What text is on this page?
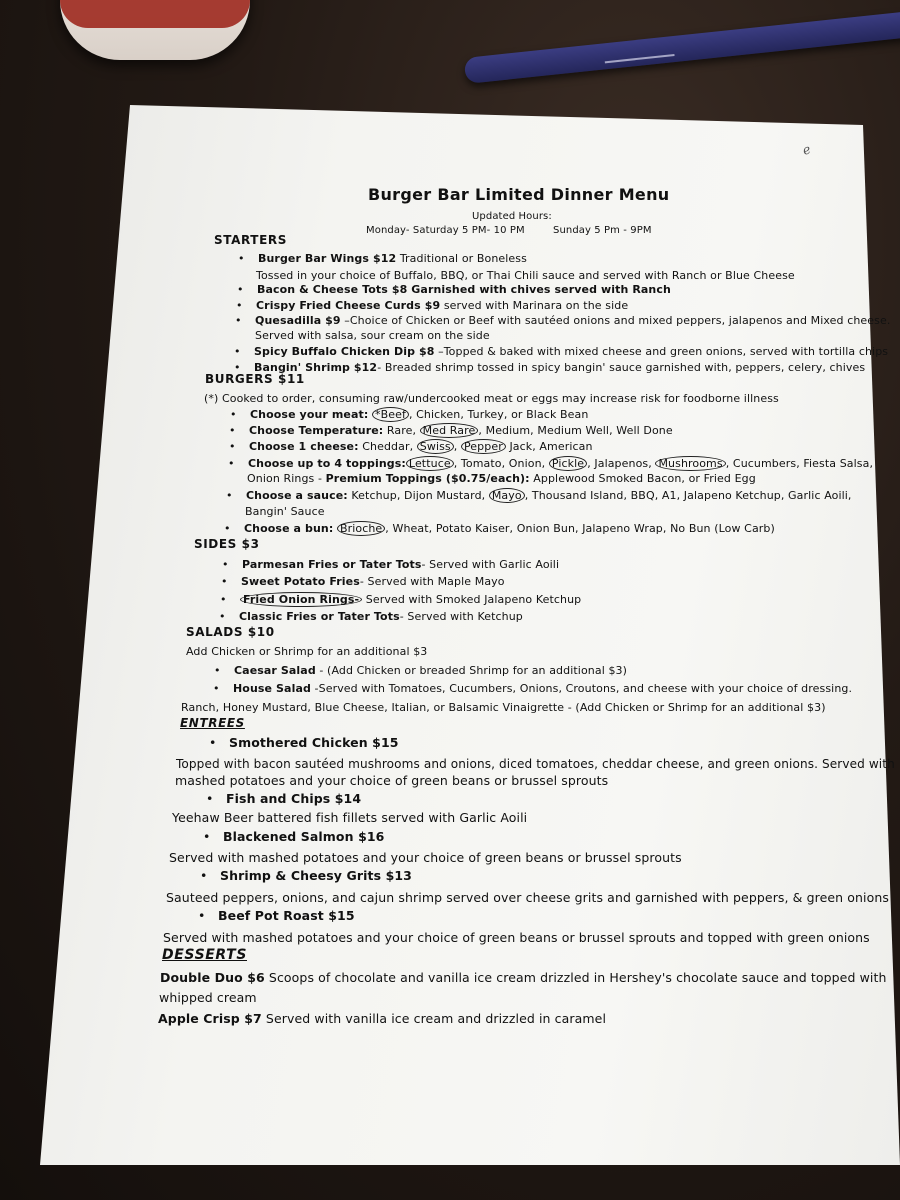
ℯ
Burger Bar Limited Dinner Menu
Updated Hours:
Monday- Saturday 5 PM- 10 PM	Sunday 5 Pm - 9PM
STARTERS
• Burger Bar Wings $12 Traditional or Boneless
Tossed in your choice of Buffalo, BBQ, or Thai Chili sauce and served with Ranch or Blue Cheese
• Bacon & Cheese Tots $8 Garnished with chives served with Ranch
• Crispy Fried Cheese Curds $9 served with Marinara on the side
• Quesadilla $9 –Choice of Chicken or Beef with sautéed onions and mixed peppers, jalapenos and Mixed cheese.
Served with salsa, sour cream on the side
• Spicy Buffalo Chicken Dip $8 –Topped & baked with mixed cheese and green onions, served with tortilla chips
• Bangin' Shrimp $12- Breaded shrimp tossed in spicy bangin' sauce garnished with, peppers, celery, chives
BURGERS $11
(*) Cooked to order, consuming raw/undercooked meat or eggs may increase risk for foodborne illness
• Choose your meat: *Beef , Chicken, Turkey, or Black Bean
• Choose Temperature: Rare, Med Rare , Medium, Medium Well, Well Done
• Choose 1 cheese: Cheddar, Swiss , Pepper Jack, American
• Choose up to 4 toppings: Lettuce , Tomato, Onion, Pickle , Jalapenos, Mushrooms , Cucumbers, Fiesta Salsa,
Onion Rings - Premium Toppings ($0.75/each): Applewood Smoked Bacon, or Fried Egg
• Choose a sauce: Ketchup, Dijon Mustard, Mayo , Thousand Island, BBQ, A1, Jalapeno Ketchup, Garlic Aoili,
Bangin' Sauce
• Choose a bun: Brioche , Wheat, Potato Kaiser, Onion Bun, Jalapeno Wrap, No Bun (Low Carb)
SIDES $3
• Parmesan Fries or Tater Tots- Served with Garlic Aoili
• Sweet Potato Fries- Served with Maple Mayo
• Fried Onion Rings- Served with Smoked Jalapeno Ketchup
• Classic Fries or Tater Tots- Served with Ketchup
SALADS $10
Add Chicken or Shrimp for an additional $3
• Caesar Salad - (Add Chicken or breaded Shrimp for an additional $3)
• House Salad -Served with Tomatoes, Cucumbers, Onions, Croutons, and cheese with your choice of dressing.
Ranch, Honey Mustard, Blue Cheese, Italian, or Balsamic Vinaigrette - (Add Chicken or Shrimp for an additional $3)
ENTREES
• Smothered Chicken $15
Topped with bacon sautéed mushrooms and onions, diced tomatoes, cheddar cheese, and green onions. Served with
mashed potatoes and your choice of green beans or brussel sprouts
• Fish and Chips $14
Yeehaw Beer battered fish fillets served with Garlic Aoili
• Blackened Salmon $16
Served with mashed potatoes and your choice of green beans or brussel sprouts
• Shrimp & Cheesy Grits $13
Sauteed peppers, onions, and cajun shrimp served over cheese grits and garnished with peppers, & green onions
• Beef Pot Roast $15
Served with mashed potatoes and your choice of green beans or brussel sprouts and topped with green onions
DESSERTS
Double Duo $6 Scoops of chocolate and vanilla ice cream drizzled in Hershey's chocolate sauce and topped with
whipped cream
Apple Crisp $7 Served with vanilla ice cream and drizzled in caramel
